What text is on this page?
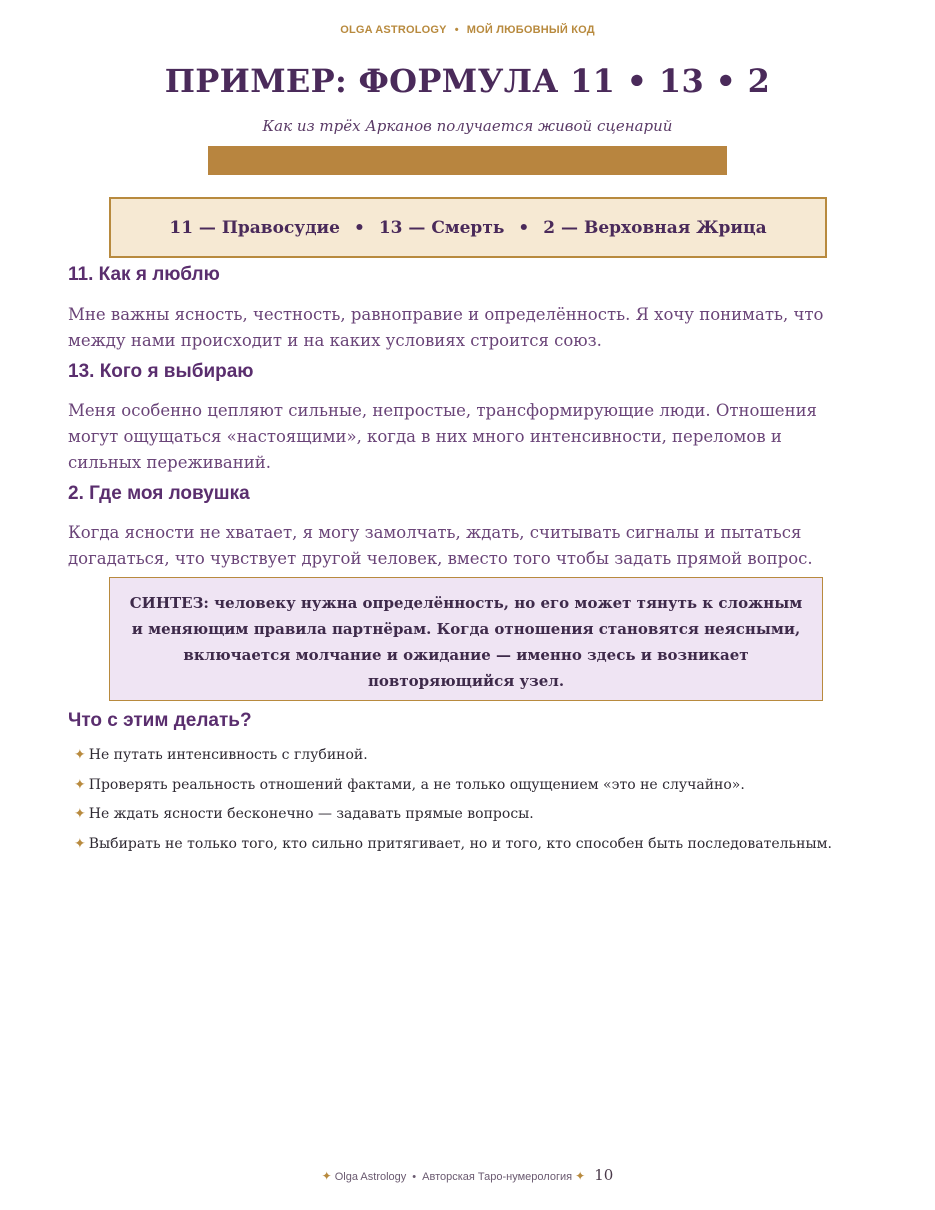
OLGA ASTROLOGY • МОЙ ЛЮБОВНЫЙ КОД
ПРИМЕР: ФОРМУЛА 11 • 13 • 2
Как из трёх Арканов получается живой сценарий
11 — Правосудие • 13 — Смерть • 2 — Верховная Жрица
11. Как я люблю
Мне важны ясность, честность, равноправие и определённость. Я хочу понимать, что между нами происходит и на каких условиях строится союз.
13. Кого я выбираю
Меня особенно цепляют сильные, непростые, трансформирующие люди. Отношения могут ощущаться «настоящими», когда в них много интенсивности, переломов и сильных переживаний.
2. Где моя ловушка
Когда ясности не хватает, я могу замолчать, ждать, считывать сигналы и пытаться догадаться, что чувствует другой человек, вместо того чтобы задать прямой вопрос.
СИНТЕЗ: человеку нужна определённость, но его может тянуть к сложным и меняющим правила партнёрам. Когда отношения становятся неясными, включается молчание и ожидание — именно здесь и возникает повторяющийся узел.
Что с этим делать?
✦ Не путать интенсивность с глубиной.
✦ Проверять реальность отношений фактами, а не только ощущением «это не случайно».
✦ Не ждать ясности бесконечно — задавать прямые вопросы.
✦ Выбирать не только того, кто сильно притягивает, но и того, кто способен быть последовательным.
✦ Olga Astrology • Авторская Таро-нумерология ✦ 10
